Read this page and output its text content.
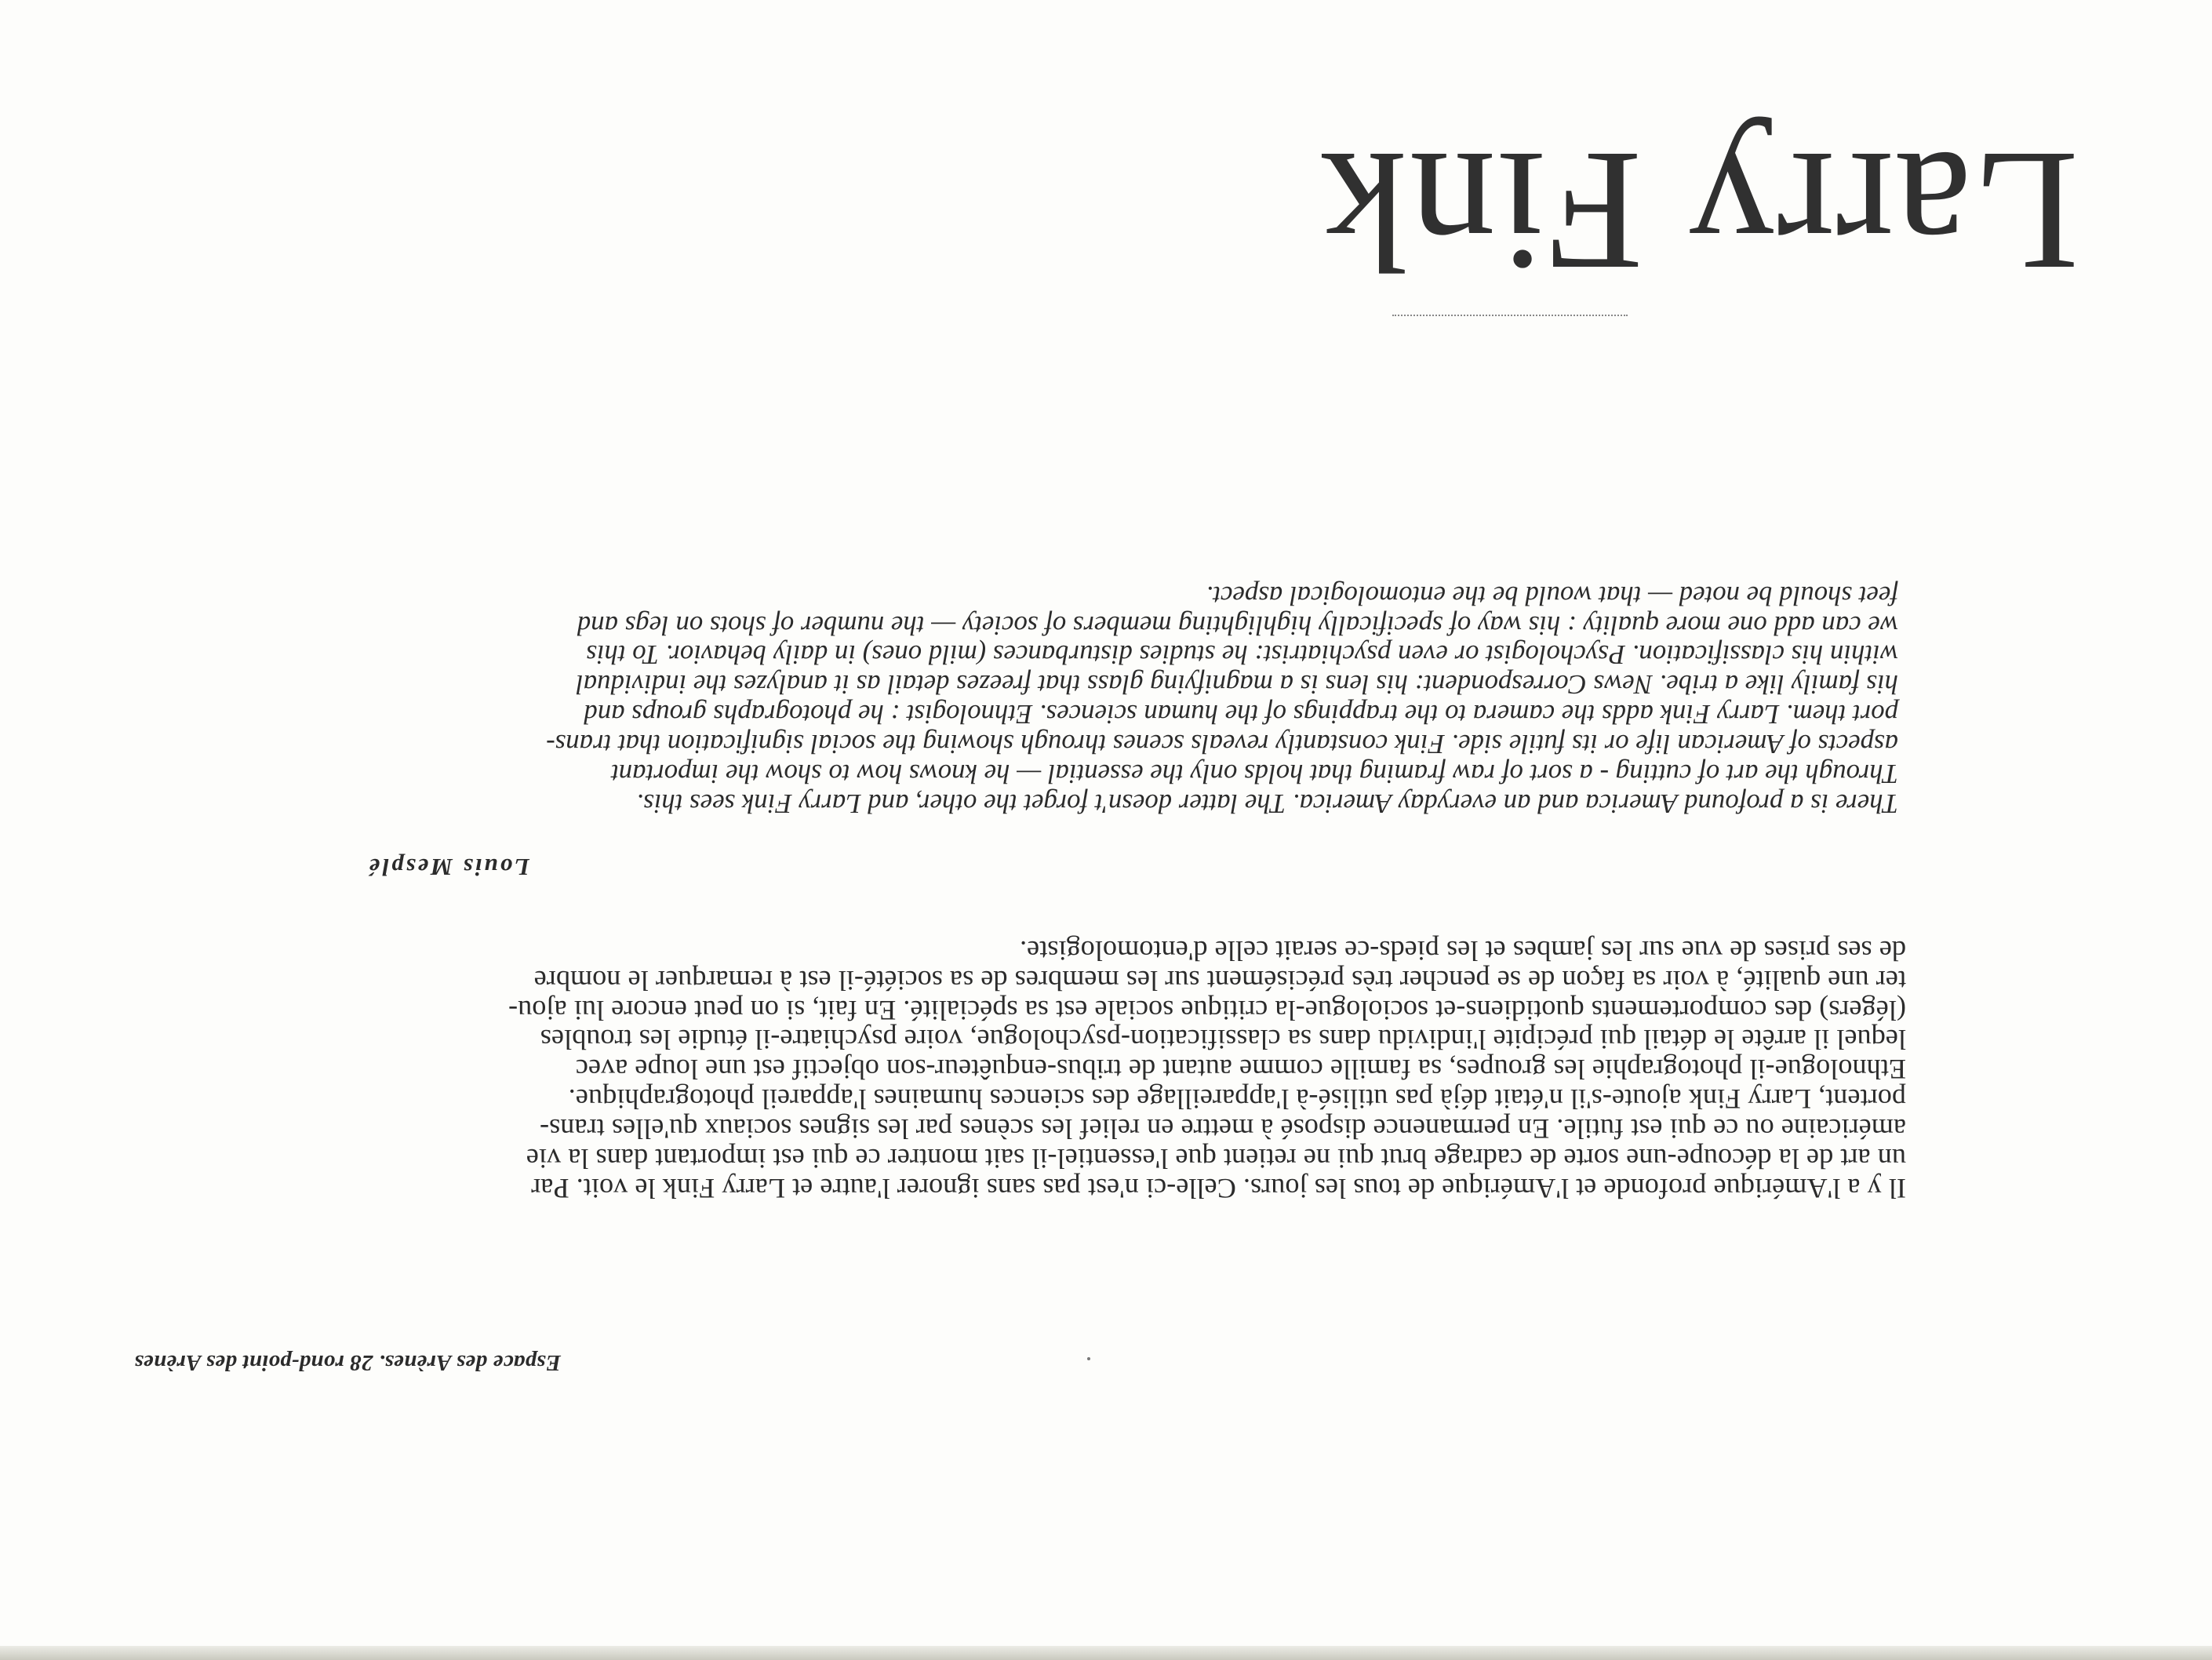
Espace des Arènes. 28 rond-point des Arènes
Larry Fink

Il y a l'Amérique profonde et l'Amérique de tous les jours. Celle-ci n'est pas sans ignorer l'autre et Larry Fink le voit. Par

un art de la découpe-une sorte de cadrage brut qui ne retient que l'essentiel-il sait montrer ce qui est important dans la vie

américaine ou ce qui est futile. En permanence disposé à mettre en relief les scènes par les signes sociaux qu'elles trans-

portent, Larry Fink ajoute-s'il n'était déjà pas utilisé-à l'appareillage des sciences humaines l'appareil photographique.

Ethnologue-il photographie les groupes, sa famille comme autant de tribus-enquêteur-son objectif est une loupe avec

lequel il arrête le détail qui précipite l'individu dans sa classification-psychologue, voire psychiatre-il étudie les troubles

(légers) des comportements quotidiens-et sociologue-la critique sociale est sa spécialité. En fait, si on peut encore lui ajou-

ter une qualité, à voir sa façon de se pencher très précisément sur les membres de sa société-il est à remarquer le nombre

de ses prises de vue sur les jambes et les pieds-ce serait celle d'entomologiste.

Louis Mesplé

There is a profound America and an everyday America. The latter doesn't forget the other, and Larry Fink sees this.

Through the art of cutting - a sort of raw framing that holds only the essential — he knows how to show the important

aspects of American life or its futile side. Fink constantly reveals scenes through showing the social signification that trans-

port them. Larry Fink adds the camera to the trappings of the human sciences. Ethnologist : he photographs groups and

his family like a tribe. News Correspondent: his lens is a magnifying glass that freezes detail as it analyzes the individual

within his classification. Psychologist or even psychiatrist: he studies disturbances (mild ones) in daily behavior. To this

we can add one more quality : his way of specifically highlighting members of society — the number of shots on legs and

feet should be noted — that would be the entomological aspect.
